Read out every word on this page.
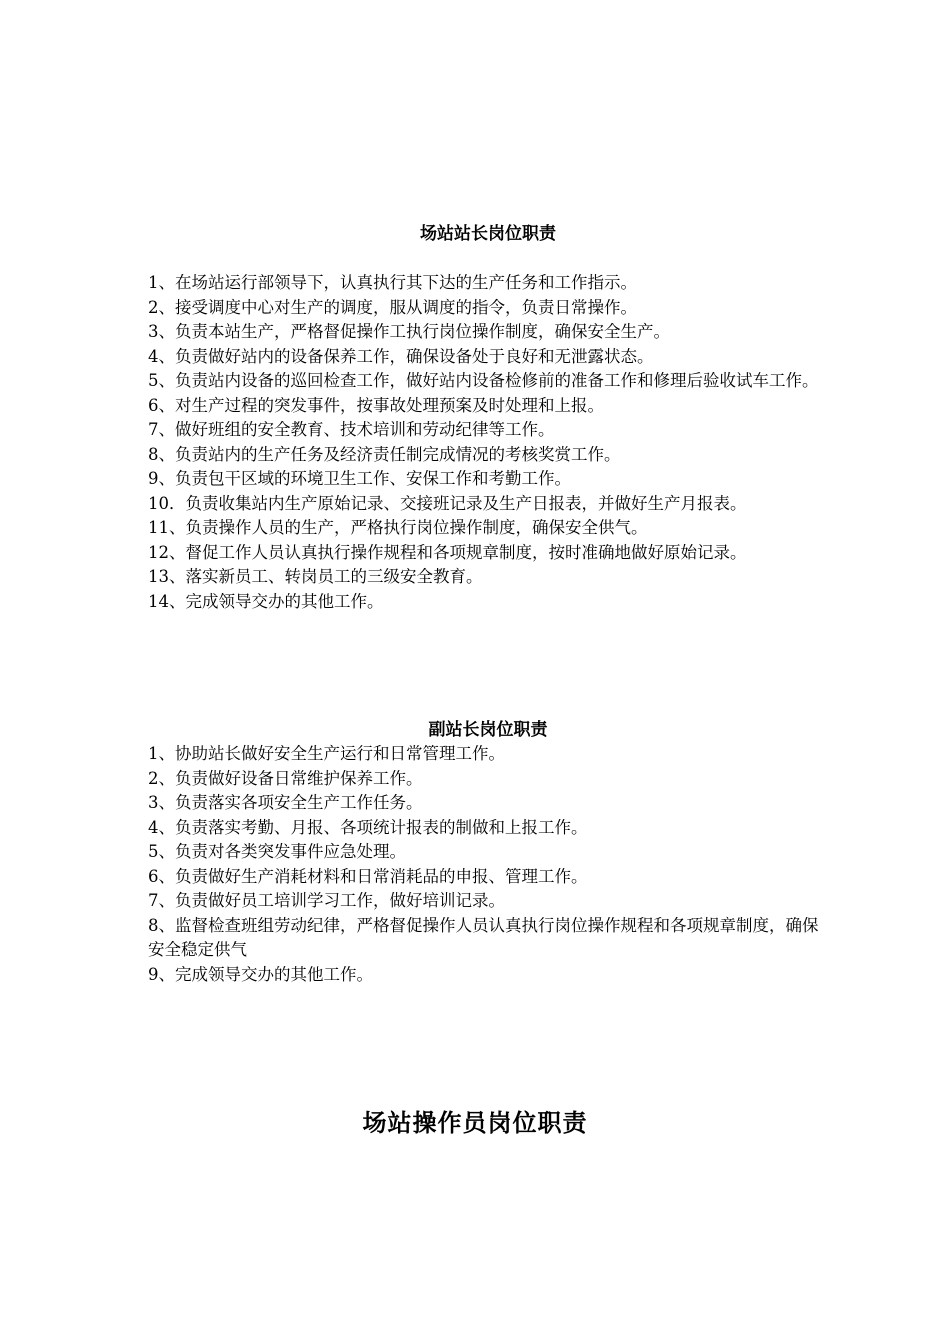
场站站长岗位职责
1、在场站运行部领导下，认真执行其下达的生产任务和工作指示。
2、接受调度中心对生产的调度，服从调度的指令，负责日常操作。
3、负责本站生产，严格督促操作工执行岗位操作制度，确保安全生产。
4、负责做好站内的设备保养工作，确保设备处于良好和无泄露状态。
5、负责站内设备的巡回检查工作，做好站内设备检修前的准备工作和修理后验收试车工作。
6、对生产过程的突发事件，按事故处理预案及时处理和上报。
7、做好班组的安全教育、技术培训和劳动纪律等工作。
8、负责站内的生产任务及经济责任制完成情况的考核奖赏工作。
9、负责包干区域的环境卫生工作、安保工作和考勤工作。
10．负责收集站内生产原始记录、交接班记录及生产日报表，并做好生产月报表。
11、负责操作人员的生产，严格执行岗位操作制度，确保安全供气。
12、督促工作人员认真执行操作规程和各项规章制度，按时准确地做好原始记录。
13、落实新员工、转岗员工的三级安全教育。
14、完成领导交办的其他工作。
副站长岗位职责
1、协助站长做好安全生产运行和日常管理工作。
2、负责做好设备日常维护保养工作。
3、负责落实各项安全生产工作任务。
4、负责落实考勤、月报、各项统计报表的制做和上报工作。
5、负责对各类突发事件应急处理。
6、负责做好生产消耗材料和日常消耗品的申报、管理工作。
7、负责做好员工培训学习工作，做好培训记录。
8、监督检查班组劳动纪律，严格督促操作人员认真执行岗位操作规程和各项规章制度，确保安全稳定供气
9、完成领导交办的其他工作。
场站操作员岗位职责
